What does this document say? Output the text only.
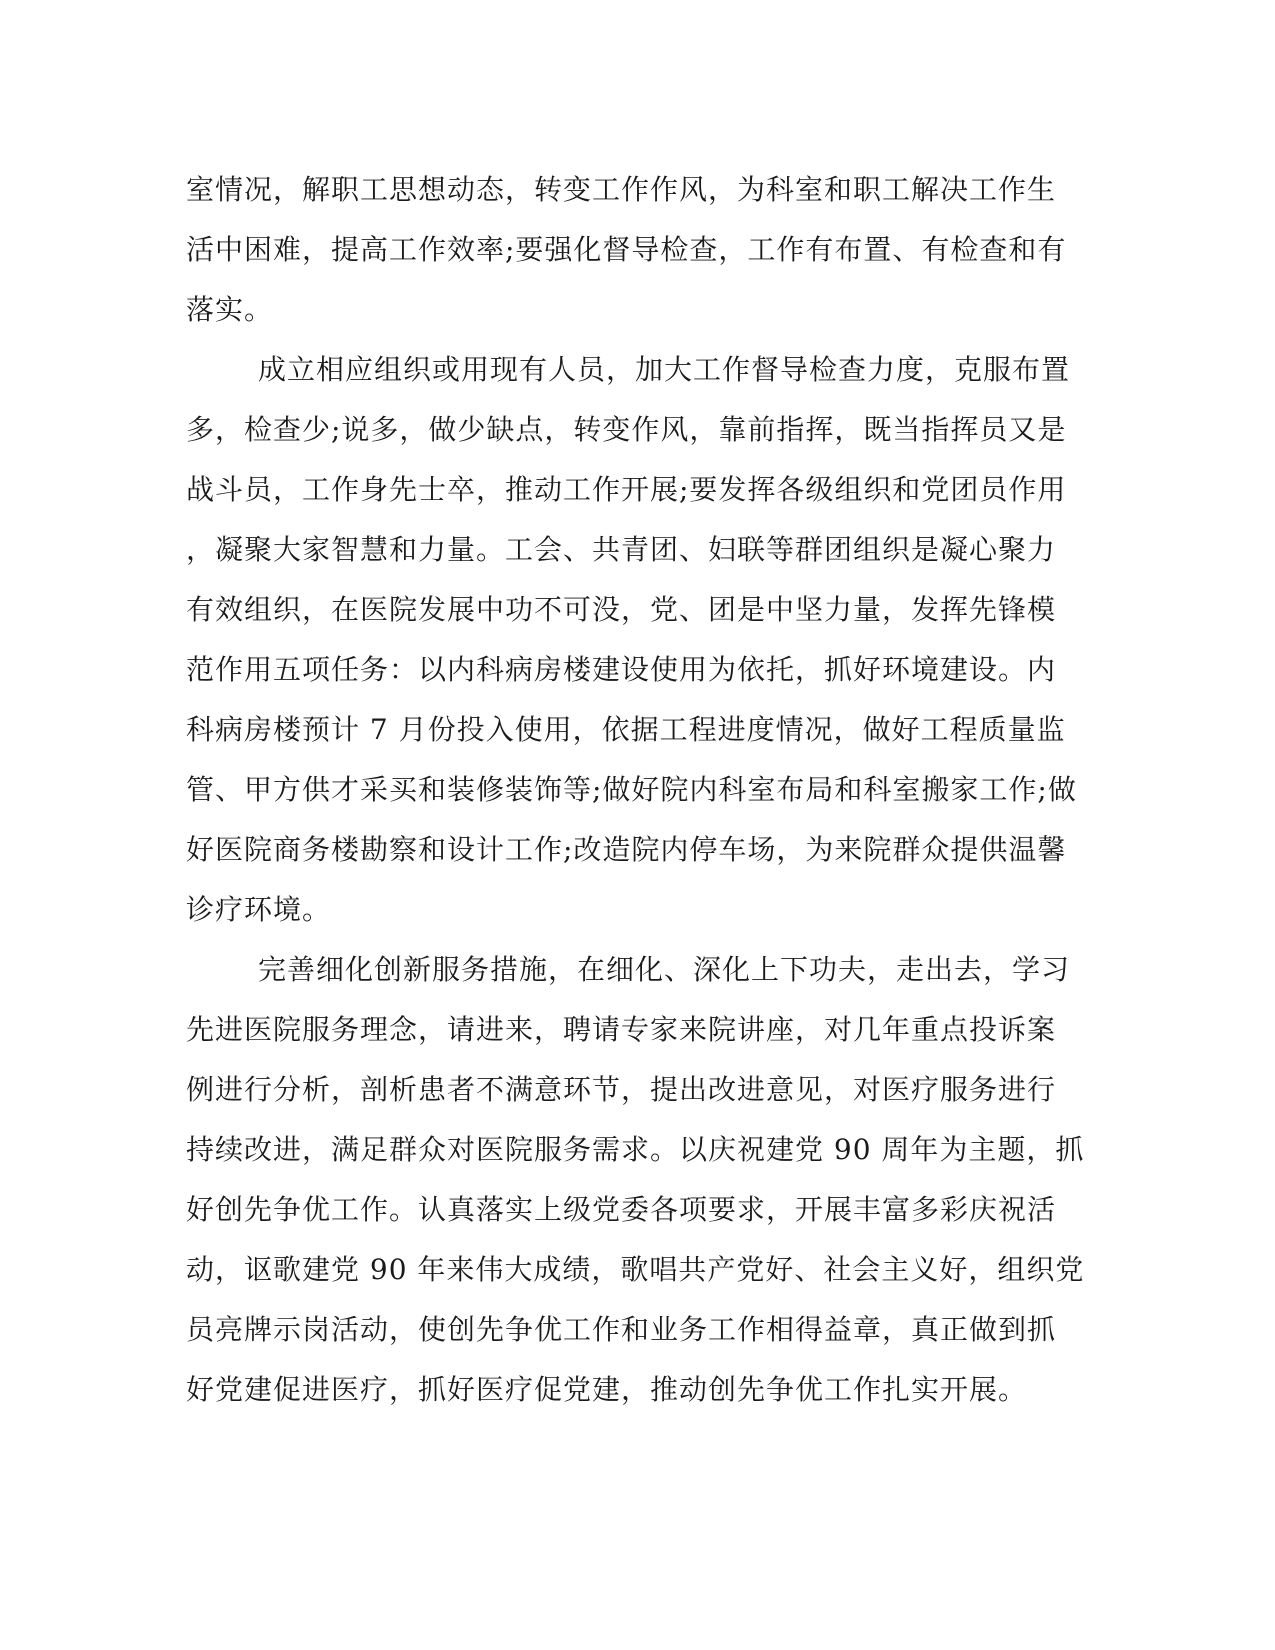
室情况，解职工思想动态，转变工作作风，为科室和职工解决工作生
活中困难，提高工作效率;要强化督导检查，工作有布置、有检查和有
落实。
成立相应组织或用现有人员，加大工作督导检查力度，克服布置
多，检查少;说多，做少缺点，转变作风，靠前指挥，既当指挥员又是
战斗员，工作身先士卒，推动工作开展;要发挥各级组织和党团员作用
，凝聚大家智慧和力量。工会、共青团、妇联等群团组织是凝心聚力
有效组织，在医院发展中功不可没，党、团是中坚力量，发挥先锋模
范作用五项任务：以内科病房楼建设使用为依托，抓好环境建设。内
科病房楼预计 7 月份投入使用，依据工程进度情况，做好工程质量监
管、甲方供才采买和装修装饰等;做好院内科室布局和科室搬家工作;做
好医院商务楼勘察和设计工作;改造院内停车场，为来院群众提供温馨
诊疗环境。
完善细化创新服务措施，在细化、深化上下功夫，走出去，学习
先进医院服务理念，请进来，聘请专家来院讲座，对几年重点投诉案
例进行分析，剖析患者不满意环节，提出改进意见，对医疗服务进行
持续改进，满足群众对医院服务需求。以庆祝建党 90 周年为主题，抓
好创先争优工作。认真落实上级党委各项要求，开展丰富多彩庆祝活
动，讴歌建党 90 年来伟大成绩，歌唱共产党好、社会主义好，组织党
员亮牌示岗活动，使创先争优工作和业务工作相得益章，真正做到抓
好党建促进医疗，抓好医疗促党建，推动创先争优工作扎实开展。
